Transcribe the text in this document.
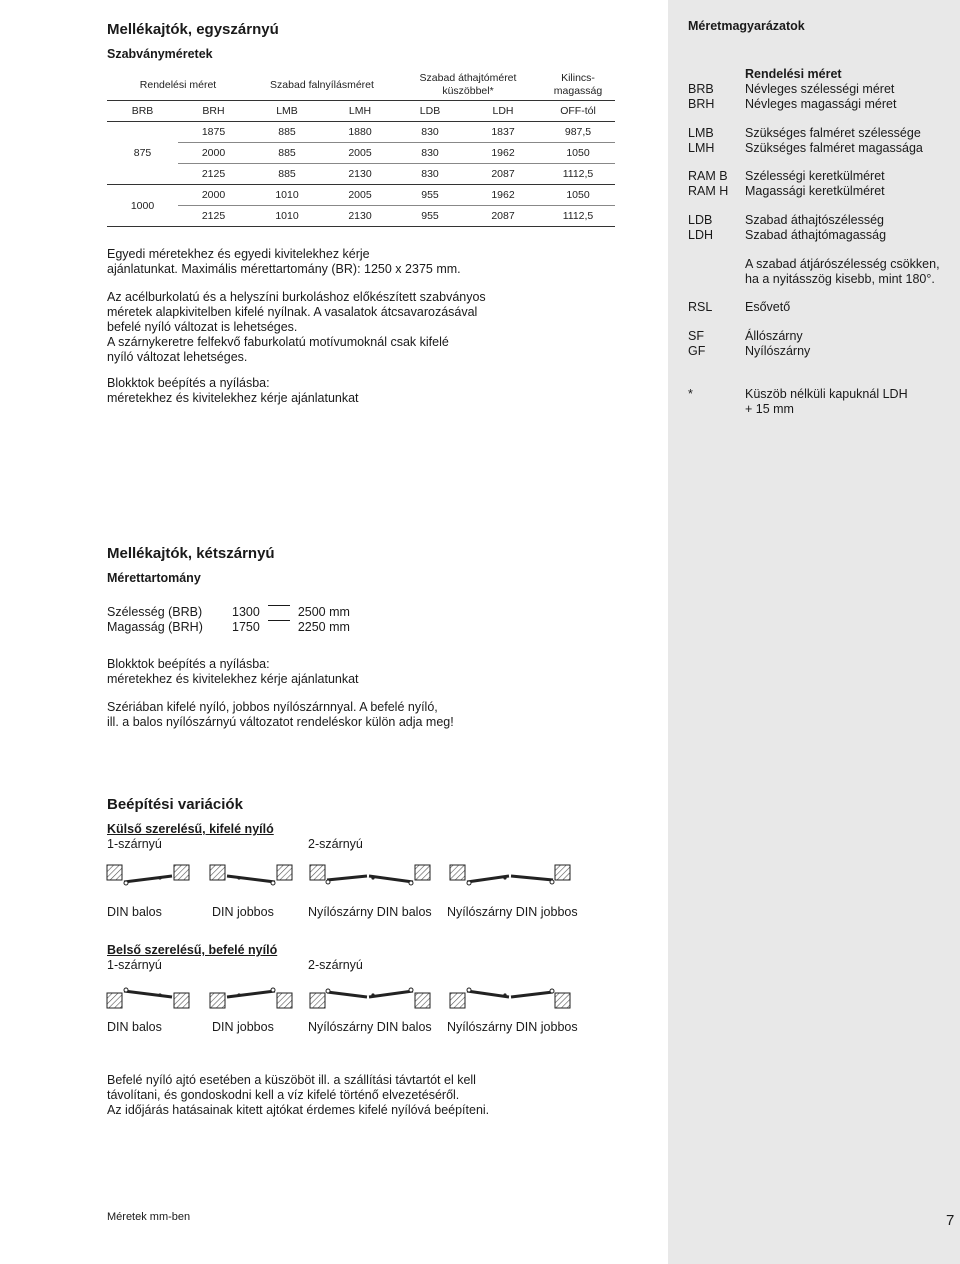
Mellékajtók, egyszárnyú
Szabványméretek
Rendelési méret		Szabad falnyílásméret		Szabad áthajtóméret küszöbbel*		Kilincs-magasság
BRB	BRH	LMB	LMH	LDB	LDH	OFF-tól
875	1875	885	1880	830	1837	987,5
	2000	885	2005	830	1962	1050
	2125	885	2130	830	2087	1112,5
1000	2000	1010	2005	955	1962	1050
	2125	1010	2130	955	2087	1112,5
Egyedi méretekhez és egyedi kivitelekhez kérje
ajánlatunkat. Maximális mérettartomány (BR): 1250 x 2375 mm.
Az acélburkolatú és a helyszíni burkoláshoz előkészített szabványos
méretek alapkivitelben kifelé nyílnak. A vasalatok átcsavarozásával
befelé nyíló változat is lehetséges.
A szárnykeretre felfekvő faburkolatú motívumoknál csak kifelé
nyíló változat lehetséges.
Blokktok beépítés a nyílásba:
méretekhez és kivitelekhez kérje ajánlatunkat
Mellékajtók, kétszárnyú
Mérettartomány
Szélesség (BRB)	1300	2500 mm
Magasság (BRH)	1750	2250 mm
Blokktok beépítés a nyílásba:
méretekhez és kivitelekhez kérje ajánlatunkat
Szériában kifelé nyíló, jobbos nyílószárnnyal. A befelé nyíló,
ill. a balos nyílószárnyú változatot rendeléskor külön adja meg!
Beépítési variációk
Külső szerelésű, kifelé nyíló
1-szárnyú	2-szárnyú
DIN balos	DIN jobbos	Nyílószárny DIN balos Nyílószárny DIN jobbos
Belső szerelésű, befelé nyíló
1-szárnyú	2-szárnyú
DIN balos	DIN jobbos	Nyílószárny DIN balos Nyílószárny DIN jobbos
Befelé nyíló ajtó esetében a küszöböt ill. a szállítási távtartót el kell
távolítani, és gondoskodni kell a víz kifelé történő elvezetéséről.
Az időjárás hatásainak kitett ajtókat érdemes kifelé nyílóvá beépíteni.
Méretek mm-ben	7
Méretmagyarázatok
Rendelési méret
BRB	Névleges szélességi méret
BRH Névleges magassági méret
LMB	Szükséges falméret szélessége
LMH Szükséges falméret magassága
RAM B Szélességi keretkülméret
RAM H Magassági keretkülméret
LDB	Szabad áthajtószélesség
LDH	Szabad áthajtómagasság
A szabad átjárószélesség csökken,
ha a nyitásszög kisebb, mint 180°.
RSL	Esővető
SF	Állószárny
GF	Nyílószárny
*	Küszöb nélküli kapuknál LDH
+ 15 mm
